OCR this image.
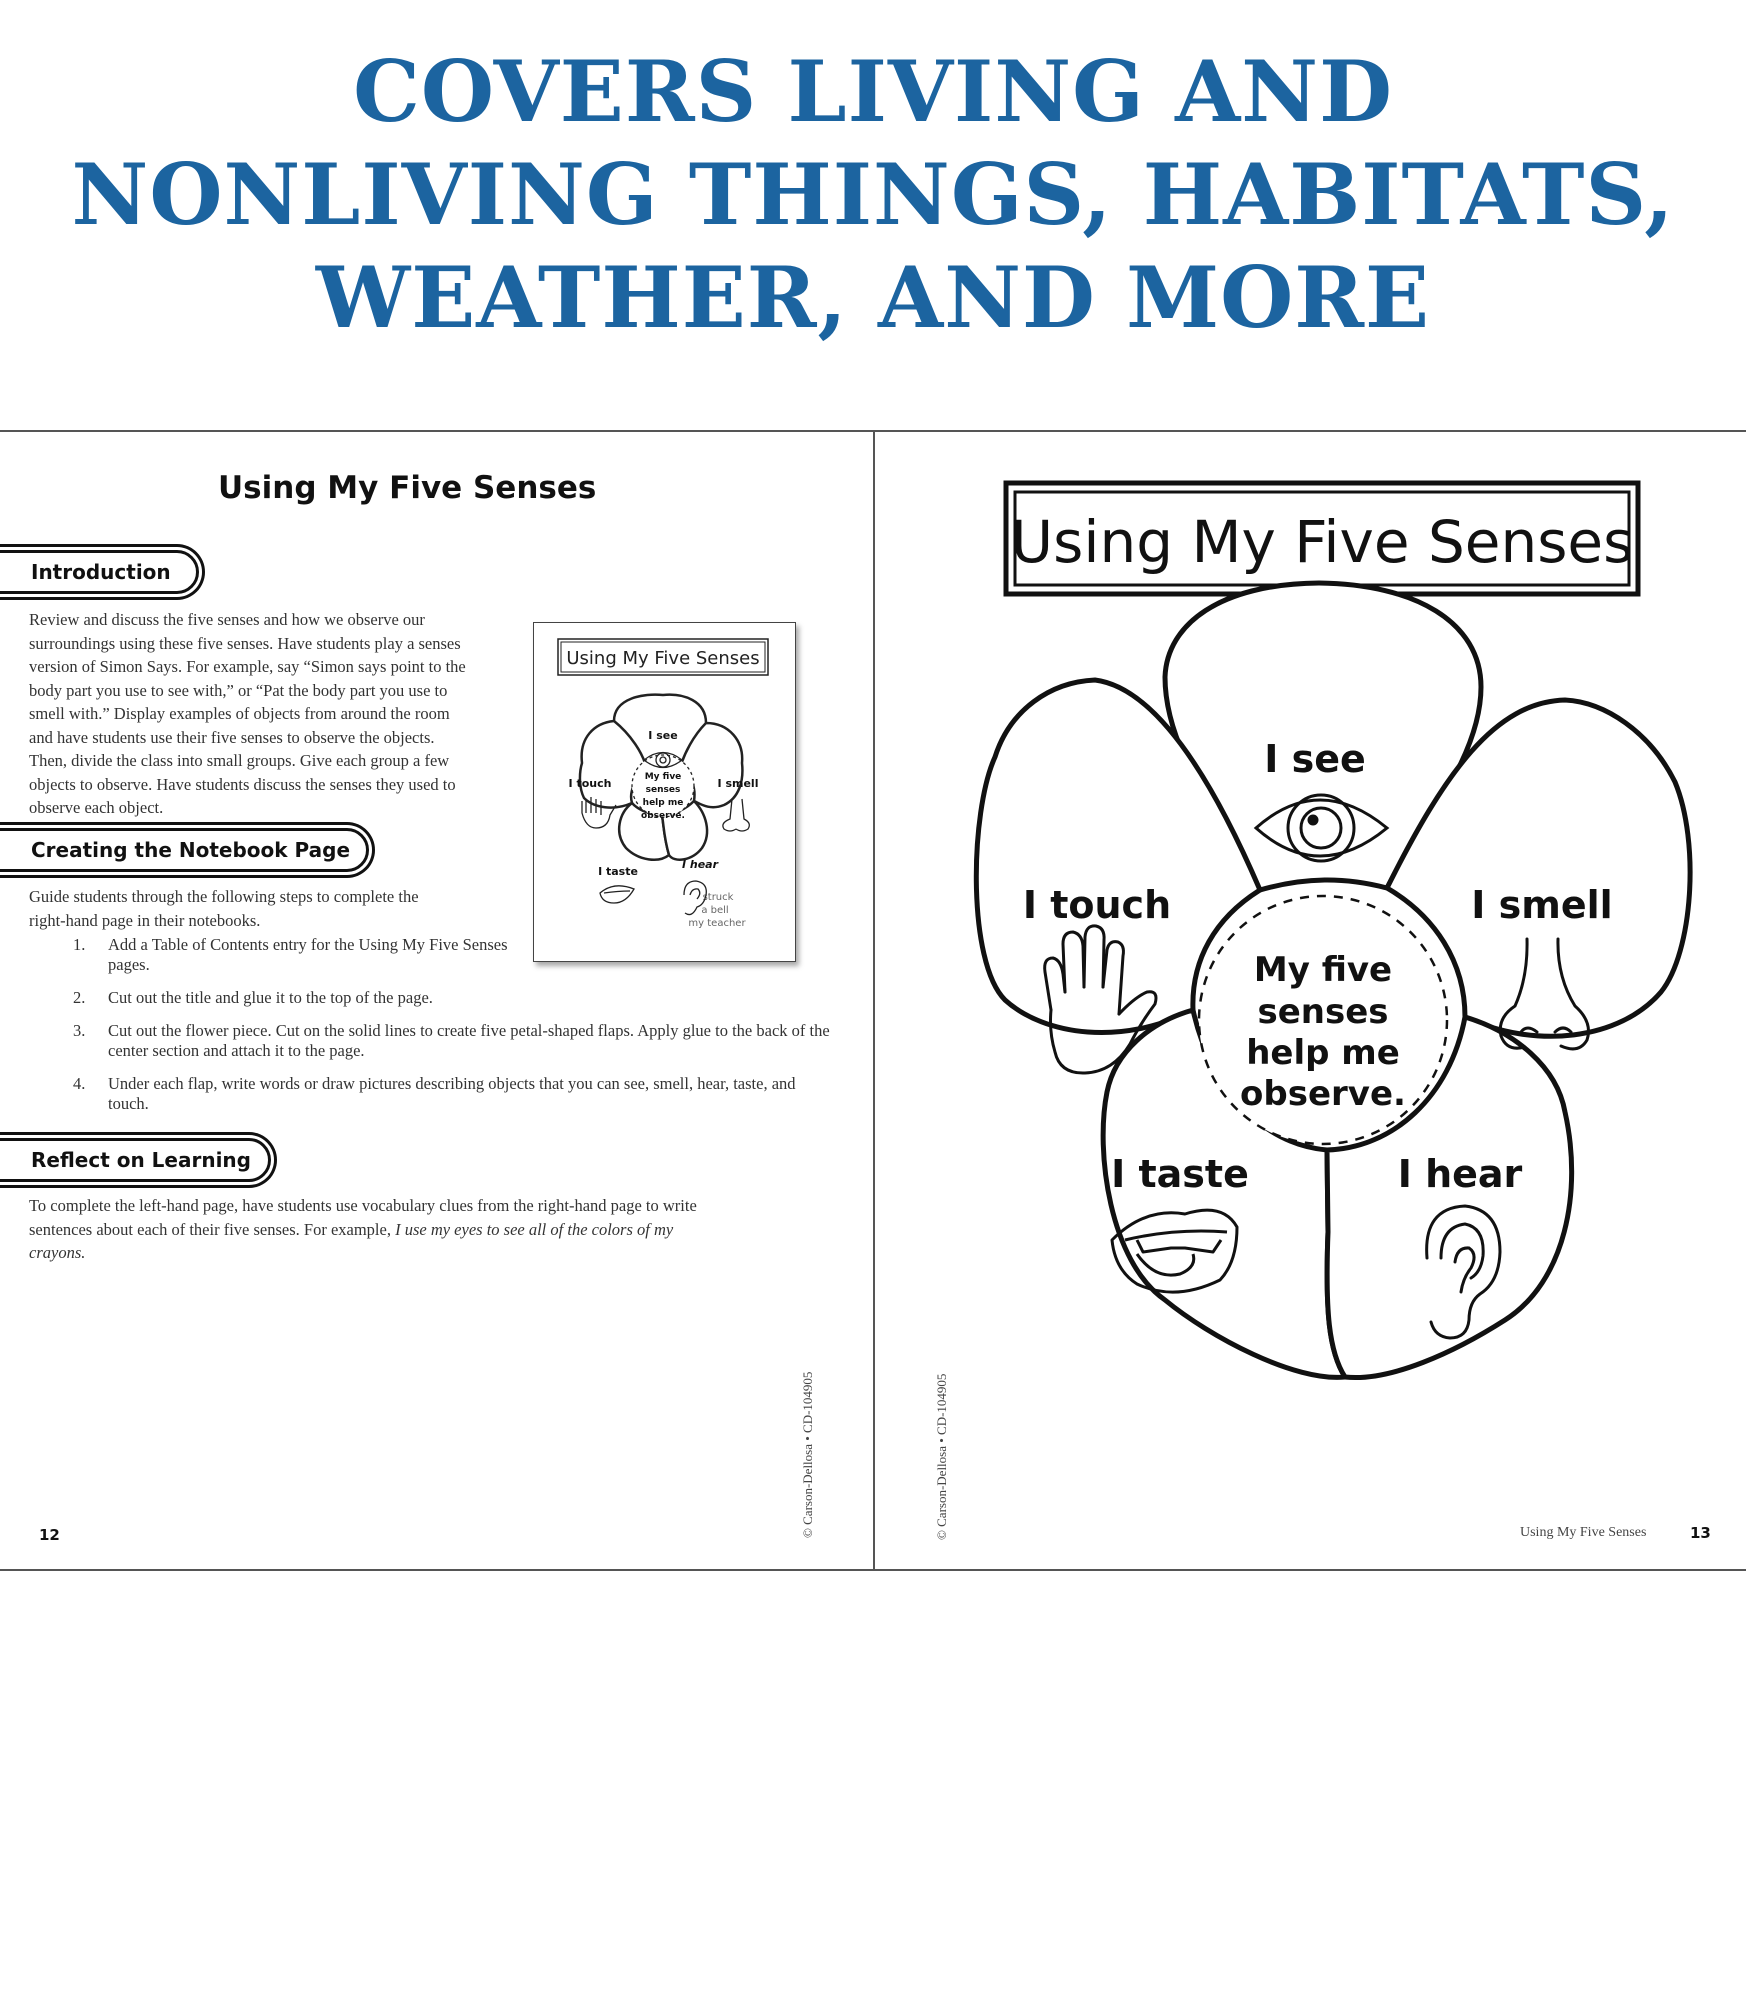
COVERS LIVING AND
NONLIVING THINGS, HABITATS,
WEATHER, AND MORE
Using My Five Senses
Introduction
Review and discuss the five senses and how we observe our
surroundings using these five senses. Have students play a senses
version of Simon Says. For example, say “Simon says point to the
body part you use to see with,” or “Pat the body part you use to
smell with.” Display examples of objects from around the room
and have students use their five senses to observe the objects.
Then, divide the class into small groups. Give each group a few
objects to observe. Have students discuss the senses they used to
observe each object.
Creating the Notebook Page
Guide students through the following steps to complete the
right-hand page in their notebooks.
1. Add a Table of Contents entry for the Using My Five Senses pages.
2. Cut out the title and glue it to the top of the page.
3. Cut out the flower piece. Cut on the solid lines to create five petal-shaped flaps. Apply glue to the back of the center section and attach it to the page.
4. Under each flap, write words or draw pictures describing objects that you can see, smell, hear, taste, and touch.
Reflect on Learning
To complete the left-hand page, have students use vocabulary clues from the right-hand page to write
sentences about each of their five senses. For example, I use my eyes to see all of the colors of my
crayons.
Using My Five Senses
I see
I touch	I smell
I taste
I hear
My five
senses
help me
observe.
struck
a bell
my teacher
© Carson-Dellosa • CD-104905
12
Using My Five Senses
My five
senses
help me
observe.
I see
I touch	I smell
I taste	I hear
© Carson-Dellosa • CD-104905	Using My Five Senses	13
